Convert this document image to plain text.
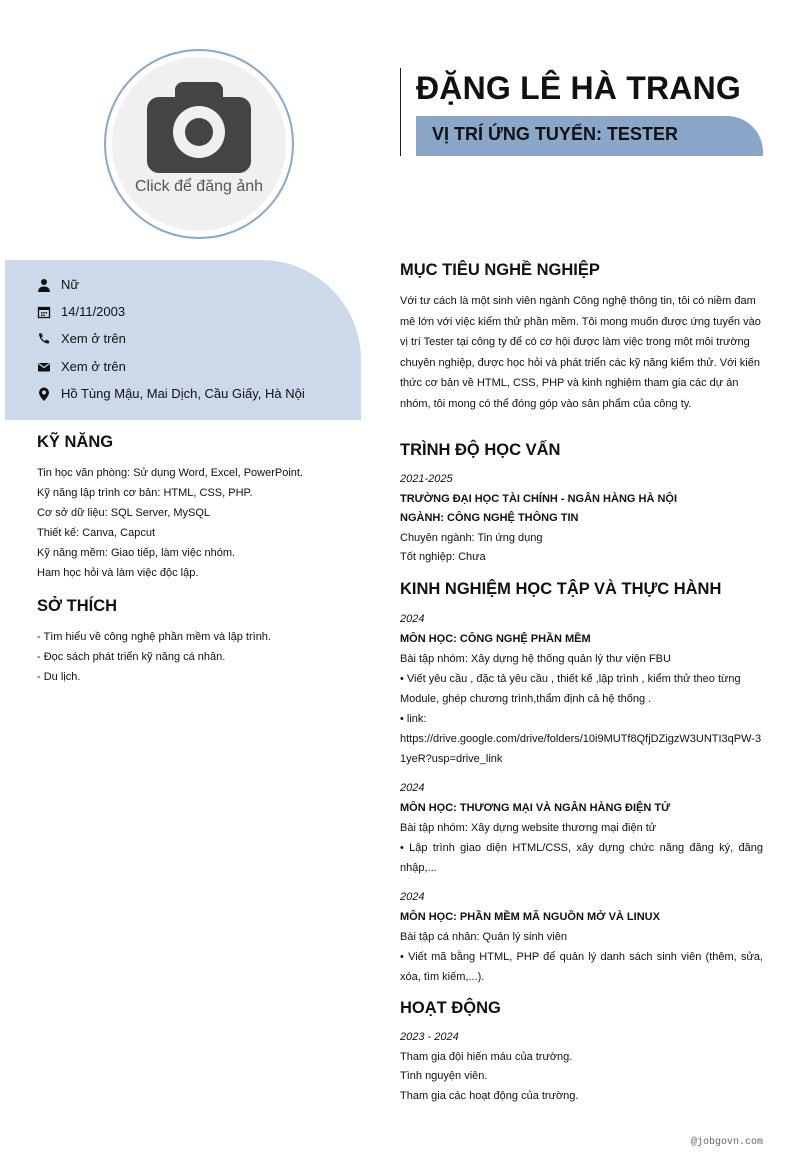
Click để đăng ảnh
ĐẶNG LÊ HÀ TRANG
VỊ TRÍ ỨNG TUYỂN: TESTER
Nữ
14/11/2003
Xem ở trên
Xem ở trên
Hồ Tùng Mậu, Mai Dịch, Cầu Giấy, Hà Nội
KỸ NĂNG
Tin học văn phòng: Sử dụng Word, Excel, PowerPoint.
Kỹ năng lập trình cơ bản: HTML, CSS, PHP.
Cơ sở dữ liệu: SQL Server, MySQL
Thiết kế: Canva, Capcut
Kỹ năng mềm: Giao tiếp, làm việc nhóm.
Ham học hỏi và làm việc độc lập.
SỞ THÍCH
- Tìm hiểu về công nghệ phần mềm và lập trình.
- Đọc sách phát triển kỹ năng cá nhân.
- Du lịch.
MỤC TIÊU NGHỀ NGHIỆP
Với tư cách là một sinh viên ngành Công nghệ thông tin, tôi có niềm đam mê lớn với việc kiểm thử phần mềm. Tôi mong muốn được ứng tuyển vào vị trí Tester tại công ty để có cơ hội được làm việc trong một môi trường chuyên nghiệp, được học hỏi và phát triển các kỹ năng kiểm thử. Với kiến thức cơ bản về HTML, CSS, PHP và kinh nghiệm tham gia các dự án nhóm, tôi mong có thể đóng góp vào sản phẩm của công ty.
TRÌNH ĐỘ HỌC VẤN
2021-2025
TRƯỜNG ĐẠI HỌC TÀI CHÍNH - NGÂN HÀNG HÀ NỘI
NGÀNH: CÔNG NGHỆ THÔNG TIN
Chuyên ngành: Tin ứng dụng
Tốt nghiệp: Chưa
KINH NGHIỆM HỌC TẬP VÀ THỰC HÀNH
2024
MÔN HỌC: CÔNG NGHỆ PHẦN MỀM
Bài tập nhóm: Xây dựng hệ thống quản lý thư viện FBU
• Viết yêu cầu , đặc tả yêu cầu , thiết kế ,lập trình , kiểm thử theo từng Module, ghép chương trình,thẩm định cả hệ thống .
• link:
https://drive.google.com/drive/folders/10i9MUTf8QfjDZigzW3UNTI3qPW-31yeR?usp=drive_link
2024
MÔN HỌC: THƯƠNG MẠI VÀ NGÂN HÀNG ĐIỆN TỬ
Bài tập nhóm: Xây dựng website thương mại điện tử
• Lập trình giao diện HTML/CSS, xây dựng chức năng đăng ký, đăng nhập,...
2024
MÔN HỌC: PHẦN MỀM MÃ NGUỒN MỞ VÀ LINUX
Bài tập cá nhân: Quản lý sinh viên
• Viết mã bằng HTML, PHP để quản lý danh sách sinh viên (thêm, sửa, xóa, tìm kiếm,...).
HOẠT ĐỘNG
2023 - 2024
Tham gia đội hiến máu của trường.
Tình nguyện viên.
Tham gia các hoạt động của trường.
@jobgovn.com
